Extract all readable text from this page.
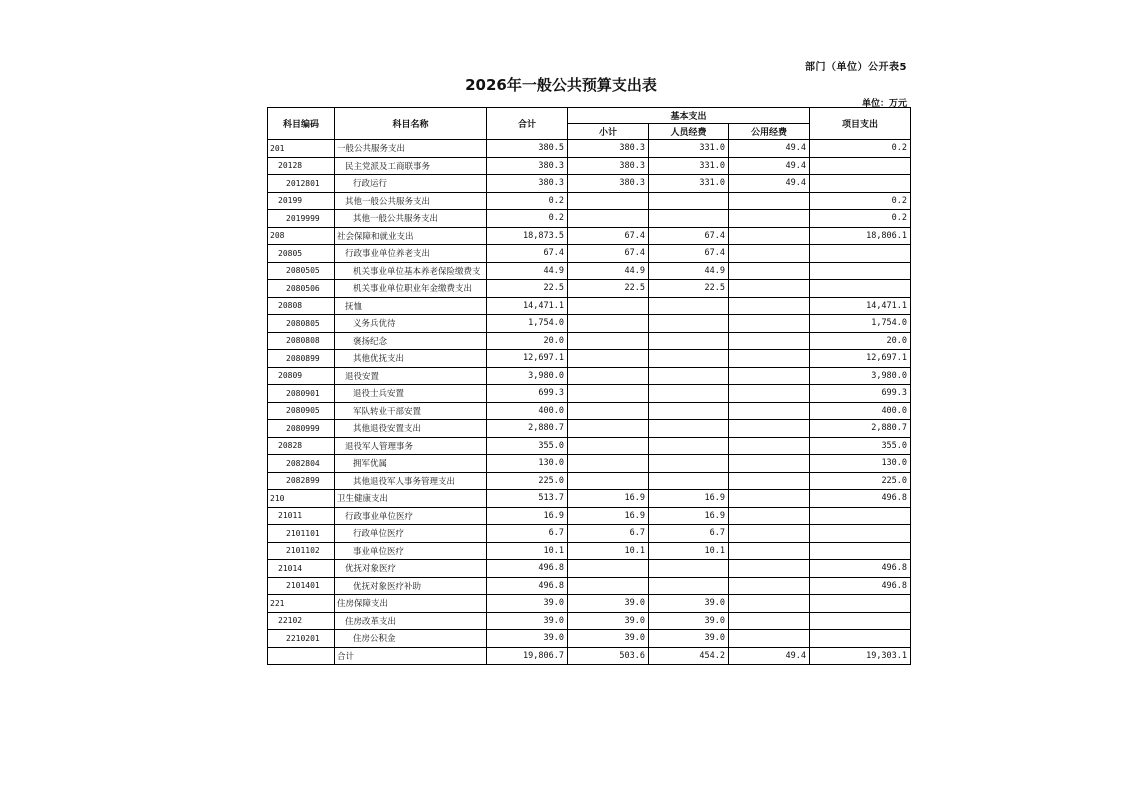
部门（单位）公开表5
2026年一般公共预算支出表
单位：万元
科目编码	科目名称	合计	基本支出			项目支出
			小计	人员经费	公用经费	
201	一般公共服务支出	380.5	380.3	331.0	49.4	0.2
20128	民主党派及工商联事务	380.3	380.3	331.0	49.4	
2012801	行政运行	380.3	380.3	331.0	49.4	
20199	其他一般公共服务支出	0.2				0.2
2019999	其他一般公共服务支出	0.2				0.2
208	社会保障和就业支出	18,873.5	67.4	67.4		18,806.1
20805	行政事业单位养老支出	67.4	67.4	67.4		
2080505	机关事业单位基本养老保险缴费支	44.9	44.9	44.9		
2080506	机关事业单位职业年金缴费支出	22.5	22.5	22.5		
20808	抚恤	14,471.1				14,471.1
2080805	义务兵优待	1,754.0				1,754.0
2080808	褒扬纪念	20.0				20.0
2080899	其他优抚支出	12,697.1				12,697.1
20809	退役安置	3,980.0				3,980.0
2080901	退役士兵安置	699.3				699.3
2080905	军队转业干部安置	400.0				400.0
2080999	其他退役安置支出	2,880.7				2,880.7
20828	退役军人管理事务	355.0				355.0
2082804	拥军优属	130.0				130.0
2082899	其他退役军人事务管理支出	225.0				225.0
210	卫生健康支出	513.7	16.9	16.9		496.8
21011	行政事业单位医疗	16.9	16.9	16.9		
2101101	行政单位医疗	6.7	6.7	6.7		
2101102	事业单位医疗	10.1	10.1	10.1		
21014	优抚对象医疗	496.8				496.8
2101401	优抚对象医疗补助	496.8				496.8
221	住房保障支出	39.0	39.0	39.0		
22102	住房改革支出	39.0	39.0	39.0		
2210201	住房公积金	39.0	39.0	39.0		
	合计	19,806.7	503.6	454.2	49.4	19,303.1
